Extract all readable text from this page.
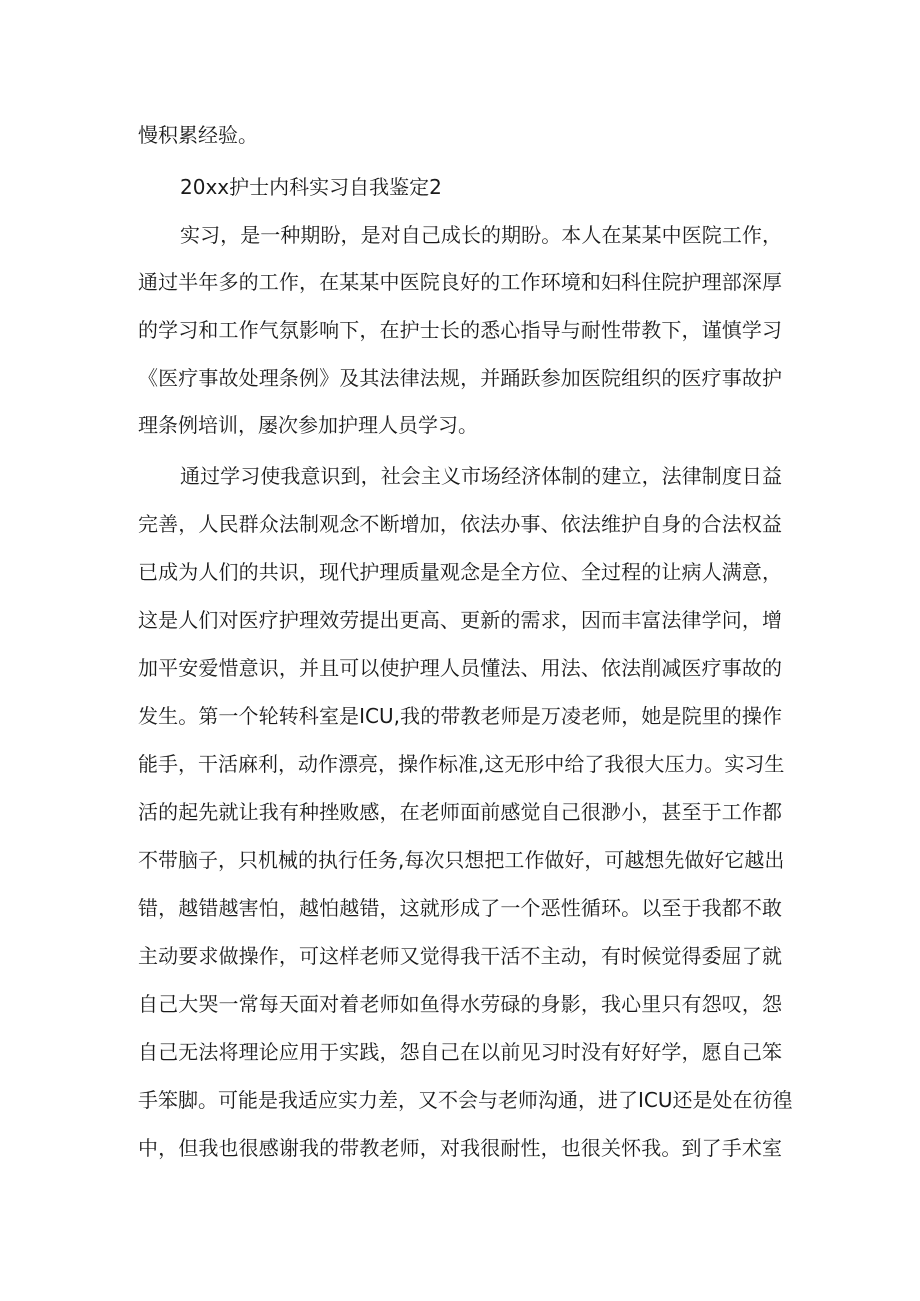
慢积累经验。
20xx护士内科实习自我鉴定2
实习，是一种期盼，是对自己成长的期盼。本人在某某中医院工作，
通过半年多的工作，在某某中医院良好的工作环境和妇科住院护理部深厚
的学习和工作气氛影响下，在护士长的悉心指导与耐性带教下，谨慎学习
《医疗事故处理条例》及其法律法规，并踊跃参加医院组织的医疗事故护
理条例培训，屡次参加护理人员学习。
通过学习使我意识到，社会主义市场经济体制的建立，法律制度日益
完善，人民群众法制观念不断增加，依法办事、依法维护自身的合法权益
已成为人们的共识，现代护理质量观念是全方位、全过程的让病人满意，
这是人们对医疗护理效劳提出更高、更新的需求，因而丰富法律学问，增
加平安爱惜意识，并且可以使护理人员懂法、用法、依法削减医疗事故的
发生。第一个轮转科室是ICU,我的带教老师是万凌老师，她是院里的操作
能手，干活麻利，动作漂亮，操作标准,这无形中给了我很大压力。实习生
活的起先就让我有种挫败感，在老师面前感觉自己很渺小，甚至于工作都
不带脑子，只机械的执行任务,每次只想把工作做好，可越想先做好它越出
错，越错越害怕，越怕越错，这就形成了一个恶性循环。以至于我都不敢
主动要求做操作，可这样老师又觉得我干活不主动，有时候觉得委屈了就
自己大哭一常每天面对着老师如鱼得水劳碌的身影，我心里只有怨叹，怨
自己无法将理论应用于实践，怨自己在以前见习时没有好好学，愿自己笨
手笨脚。可能是我适应实力差，又不会与老师沟通，进了ICU还是处在彷徨
中，但我也很感谢我的带教老师，对我很耐性，也很关怀我。到了手术室
